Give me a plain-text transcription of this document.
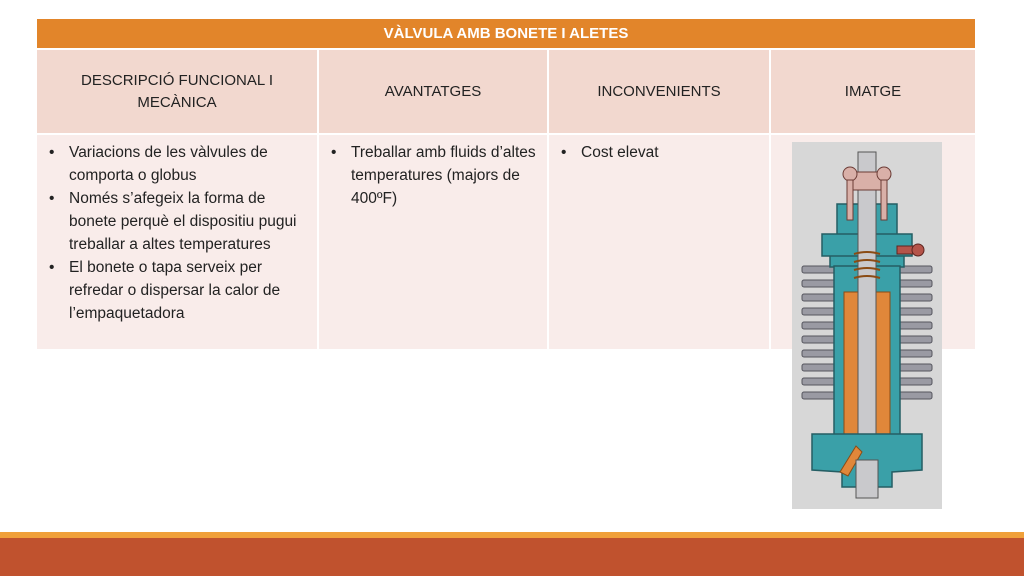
VÀLVULA AMB BONETE I ALETES
DESCRIPCIÓ FUNCIONAL I MECÀNICA
AVANTATGES	INCONVENIENTS	IMATGE
• Variacions de les vàlvules de comporta o globus
• Només s’afegeix la forma de bonete perquè el dispositiu pugui treballar a altes temperatures
• El bonete o tapa serveix per refredar o dispersar la calor de l’empaquetadora
• Treballar amb fluids d’altes temperatures (majors de 400ºF)
• Cost elevat
